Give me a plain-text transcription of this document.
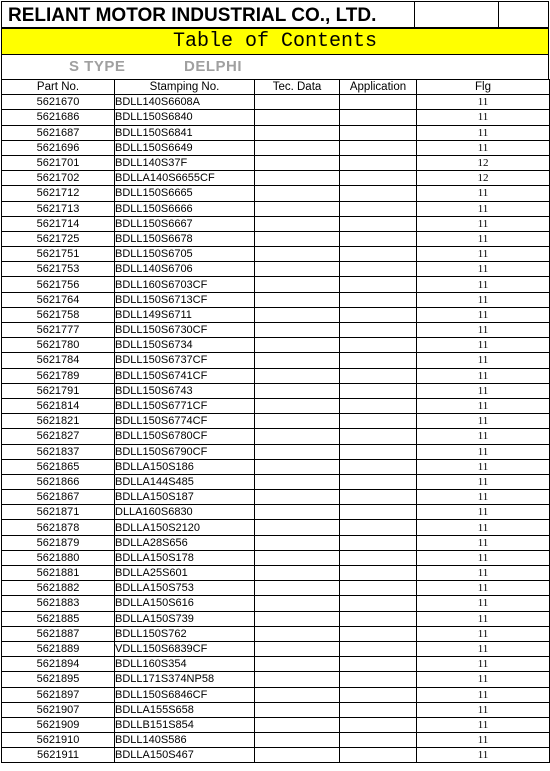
RELIANT MOTOR INDUSTRIAL CO., LTD.
Table of Contents
S TYPE	DELPHI
Part No.	Stamping No.	Tec. Data	Application	Flg
5621670	BDLL140S6608A			11
5621686	BDLL150S6840			11
5621687	BDLL150S6841			11
5621696	BDLL150S6649			11
5621701	BDLL140S37F			12
5621702	BDLLA140S6655CF			12
5621712	BDLL150S6665			11
5621713	BDLL150S6666			11
5621714	BDLL150S6667			11
5621725	BDLL150S6678			11
5621751	BDLL150S6705			11
5621753	BDLL140S6706			11
5621756	BDLL160S6703CF			11
5621764	BDLL150S6713CF			11
5621758	BDLL149S6711			11
5621777	BDLL150S6730CF			11
5621780	BDLL150S6734			11
5621784	BDLL150S6737CF			11
5621789	BDLL150S6741CF			11
5621791	BDLL150S6743			11
5621814	BDLL150S6771CF			11
5621821	BDLL150S6774CF			11
5621827	BDLL150S6780CF			11
5621837	BDLL150S6790CF			11
5621865	BDLLA150S186			11
5621866	BDLLA144S485			11
5621867	BDLLA150S187			11
5621871	DLLA160S6830			11
5621878	BDLLA150S2120			11
5621879	BDLLA28S656			11
5621880	BDLLA150S178			11
5621881	BDLLA25S601			11
5621882	BDLLA150S753			11
5621883	BDLLA150S616			11
5621885	BDLLA150S739			11
5621887	BDLL150S762			11
5621889	VDLL150S6839CF			11
5621894	BDLL160S354			11
5621895	BDLL171S374NP58			11
5621897	BDLL150S6846CF			11
5621907	BDLLA155S658			11
5621909	BDLLB151S854			11
5621910	BDLL140S586			11
5621911	BDLLA150S467			11
